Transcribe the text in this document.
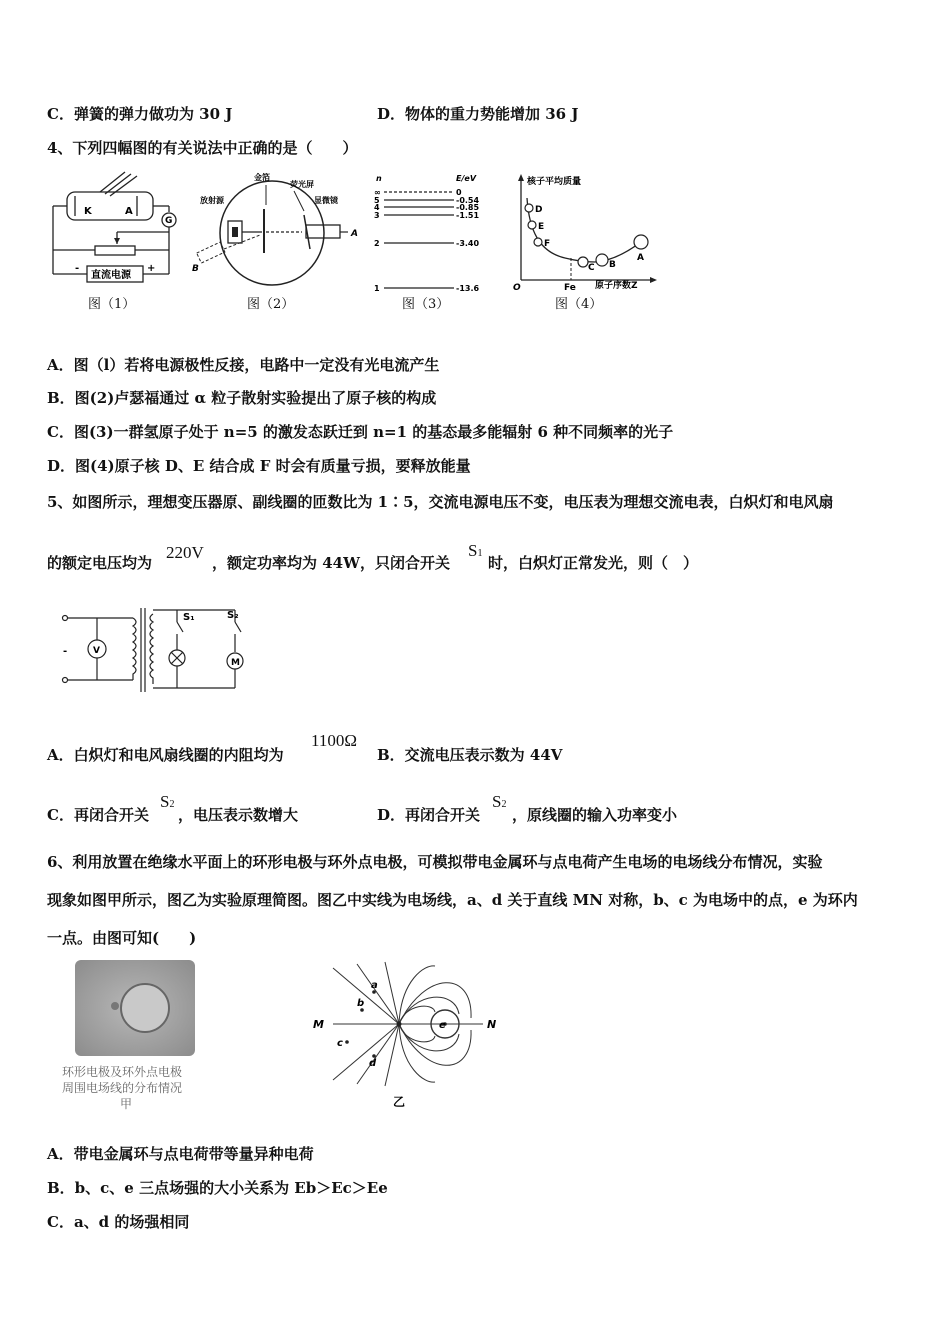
C．弹簧的弹力做功为 30 J	D．物体的重力势能增加 36 J
4、下列四幅图的有关说法中正确的是（　　）
K	A
G
-	+
直流电源
图（1）
放射源
金箔
荧光屏
显微镜
A
B
图（2）
n	E/eV
∞	0
5	-0.54
4	-0.85
3	-1.51
2	-3.40
1	-13.6
图（3）
核子平均质量
原子序数Z
O	Fe
D
E
F
C B
A
图（4）
A．图（l）若将电源极性反接，电路中一定没有光电流产生
B．图(2)卢瑟福通过 α 粒子散射实验提出了原子核的构成
C．图(3)一群氢原子处于 n=5 的激发态跃迁到 n=1 的基态最多能辐射 6 种不同频率的光子
D．图(4)原子核 D、E 结合成 F 时会有质量亏损，要释放能量
5、如图所示，理想变压器原、副线圈的匝数比为 1∶5，交流电源电压不变，电压表为理想交流电表，白炽灯和电风扇
的额定电压均为
220V
，额定功率均为 44W，只闭合开关
S1
时，白炽灯正常发光，则（　）
V
M
S₁	S₂
-
A．白炽灯和电风扇线圈的内阻均为
1100Ω
B．交流电压表示数为 44V
C．再闭合开关
S2
，电压表示数增大	D．再闭合开关
S2
，原线圈的输入功率变小
6、利用放置在绝缘水平面上的环形电极与环外点电极，可模拟带电金属环与点电荷产生电场的电场线分布情况，实验
现象如图甲所示，图乙为实验原理简图。图乙中实线为电场线，a、d 关于直线 MN 对称，b、c 为电场中的点，e 为环内
一点。由图可知(　　)
环形电极及环外点电极
周围电场线的分布情况
甲
M	N
a
b
c
d
e
乙
A．带电金属环与点电荷带等量异种电荷
B．b、c、e 三点场强的大小关系为 Eb＞Ec＞Ee
C．a、d 的场强相同
